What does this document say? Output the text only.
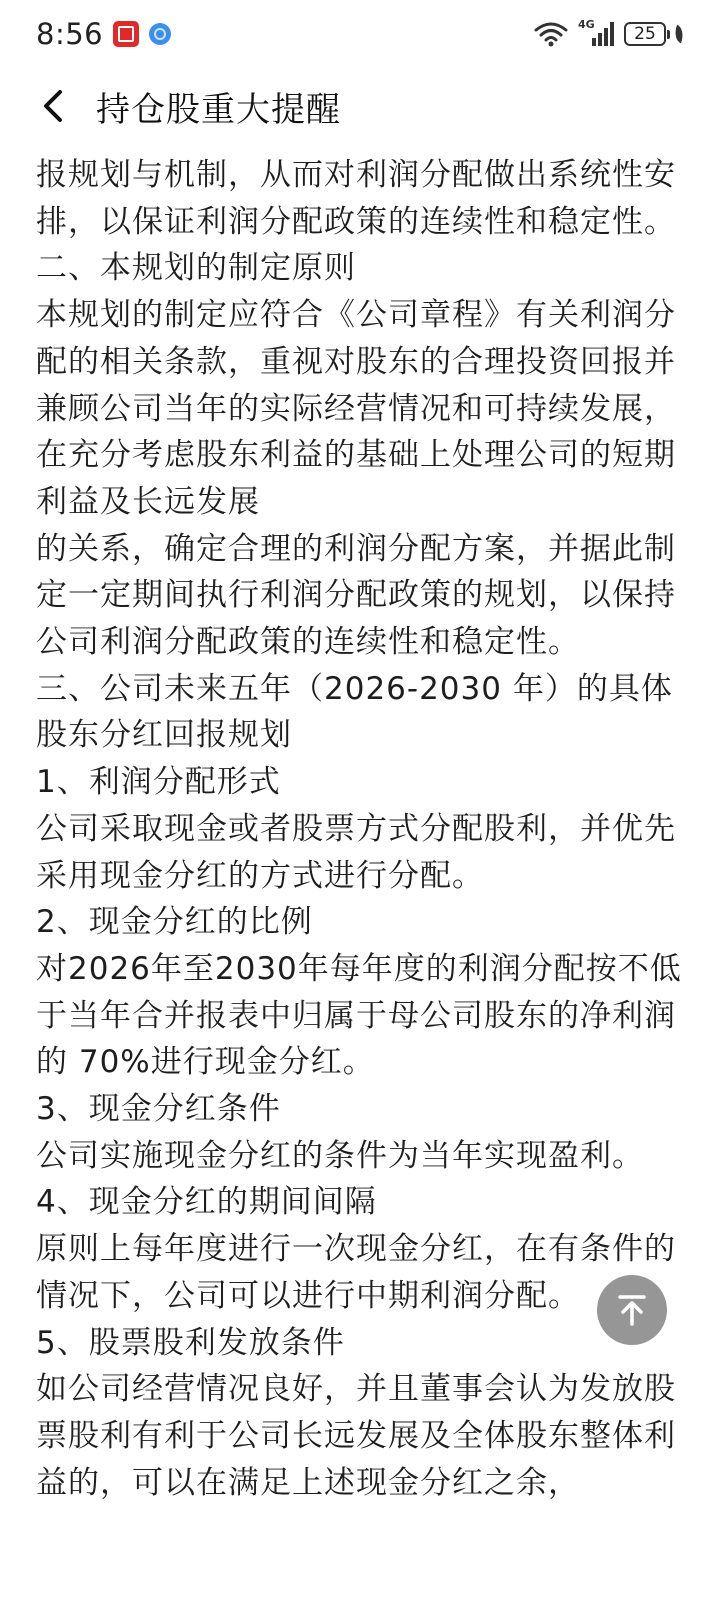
8:56	4G	25
持仓股重大提醒

报规划与机制，从而对利润分配做出系统性安排，以保证利润分配政策的连续性和稳定性。

二、本规划的制定原则

本规划的制定应符合《公司章程》有关利润分配的相关条款，重视对股东的合理投资回报并兼顾公司当年的实际经营情况和可持续发展，在充分考虑股东利益的基础上处理公司的短期利益及长远发展

的关系，确定合理的利润分配方案，并据此制定一定期间执行利润分配政策的规划，以保持公司利润分配政策的连续性和稳定性。

三、公司未来五年（2026-2030 年）的具体股东分红回报规划

1、利润分配形式

公司采取现金或者股票方式分配股利，并优先采用现金分红的方式进行分配。

2、现金分红的比例

对2026年至2030年每年度的利润分配按不低于当年合并报表中归属于母公司股东的净利润的 70%进行现金分红。

3、现金分红条件

公司实施现金分红的条件为当年实现盈利。

4、现金分红的期间间隔

原则上每年度进行一次现金分红，在有条件的情况下，公司可以进行中期利润分配。

5、股票股利发放条件

如公司经营情况良好，并且董事会认为发放股票股利有利于公司长远发展及全体股东整体利益的，可以在满足上述现金分红之余，
